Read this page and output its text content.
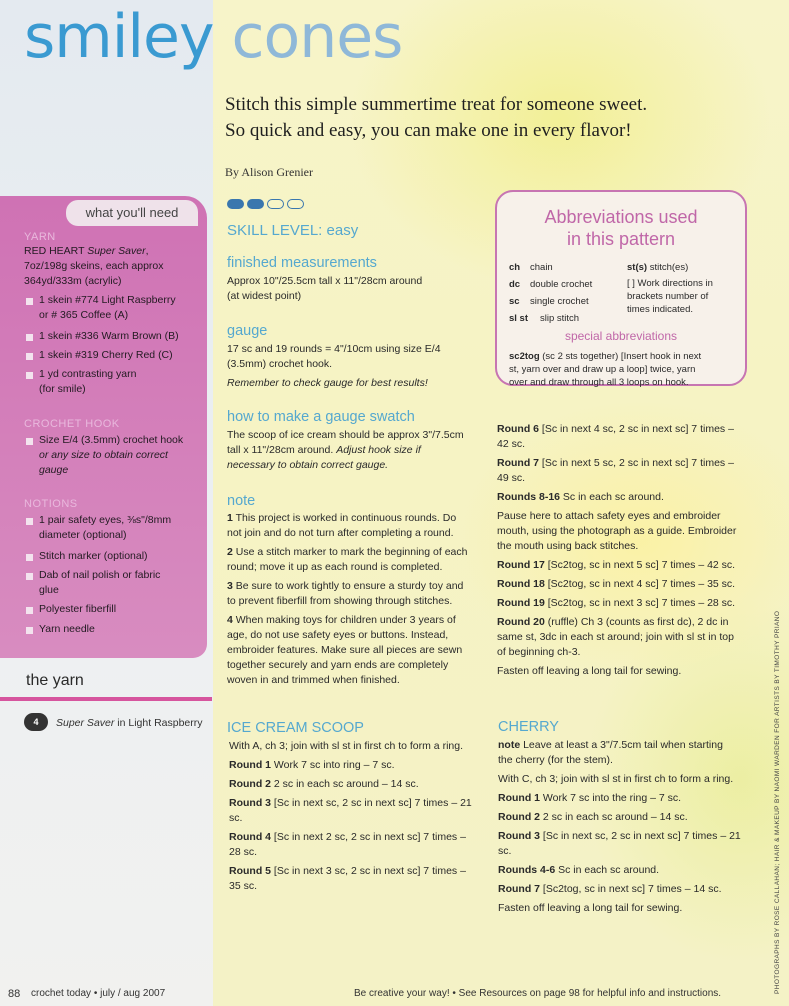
smiley cones
Stitch this simple summertime treat for someone sweet.
So quick and easy, you can make one in every flavor!
By Alison Grenier
what you'll need
YARN
RED HEART Super Saver,
7oz/198g skeins, each approx
364yd/333m (acrylic)
1 skein #774 Light Raspberry
or # 365 Coffee (A)
1 skein #336 Warm Brown (B)
1 skein #319 Cherry Red (C)
1 yd contrasting yarn
(for smile)
CROCHET HOOK
Size E/4 (3.5mm) crochet hook
or any size to obtain correct
gauge
NOTIONS
1 pair safety eyes, ⅜s"/8mm
diameter (optional)
Stitch marker (optional)
Dab of nail polish or fabric
glue
Polyester fiberfill
Yarn needle
the yarn
4	Super Saver in Light Raspberry
SKILL LEVEL: easy
finished measurements
Approx 10"/25.5cm tall x 11"/28cm around
(at widest point)
gauge
17 sc and 19 rounds = 4"/10cm using size E/4
(3.5mm) crochet hook.
Remember to check gauge for best results!
how to make a gauge swatch
The scoop of ice cream should be approx 3"/7.5cm
tall x 11"/28cm around. Adjust hook size if
necessary to obtain correct gauge.
note
1 This project is worked in continuous rounds. Do
not join and do not turn after completing a round.
2 Use a stitch marker to mark the beginning of each
round; move it up as each round is completed.
3 Be sure to work tightly to ensure a sturdy toy and
to prevent fiberfill from showing through stitches.
4 When making toys for children under 3 years of
age, do not use safety eyes or buttons. Instead,
embroider features. Make sure all pieces are sewn
together securely and yarn ends are completely
woven in and trimmed when finished.
ICE CREAM SCOOP
With A, ch 3; join with sl st in first ch to form a ring.
Round 1 Work 7 sc into ring – 7 sc.
Round 2 2 sc in each sc around – 14 sc.
Round 3 [Sc in next sc, 2 sc in next sc] 7 times – 21
sc.
Round 4 [Sc in next 2 sc, 2 sc in next sc] 7 times –
28 sc.
Round 5 [Sc in next 3 sc, 2 sc in next sc] 7 times –
35 sc.
Abbreviations used
in this pattern
ch chain
dc double crochet
sc single crochet
sl st slip stitch
st(s) stitch(es)
[ ] Work directions in
brackets number of
times indicated.
special abbreviations
sc2tog (sc 2 sts together) [Insert hook in next
st, yarn over and draw up a loop] twice, yarn
over and draw through all 3 loops on hook.
Round 6 [Sc in next 4 sc, 2 sc in next sc] 7 times –
42 sc.
Round 7 [Sc in next 5 sc, 2 sc in next sc] 7 times –
49 sc.
Rounds 8-16 Sc in each sc around.
Pause here to attach safety eyes and embroider
mouth, using the photograph as a guide. Embroider
the mouth using back stitches.
Round 17 [Sc2tog, sc in next 5 sc] 7 times – 42 sc.
Round 18 [Sc2tog, sc in next 4 sc] 7 times – 35 sc.
Round 19 [Sc2tog, sc in next 3 sc] 7 times – 28 sc.
Round 20 (ruffle) Ch 3 (counts as first dc), 2 dc in
same st, 3dc in each st around; join with sl st in top
of beginning ch-3.
Fasten off leaving a long tail for sewing.
CHERRY
note Leave at least a 3"/7.5cm tail when starting
the cherry (for the stem).
With C, ch 3; join with sl st in first ch to form a ring.
Round 1 Work 7 sc into the ring – 7 sc.
Round 2 2 sc in each sc around – 14 sc.
Round 3 [Sc in next sc, 2 sc in next sc] 7 times – 21
sc.
Rounds 4-6 Sc in each sc around.
Round 7 [Sc2tog, sc in next sc] 7 times – 14 sc.
Fasten off leaving a long tail for sewing.
88 crochet today • july / aug 2007	Be creative your way! • See Resources on page 98 for helpful info and instructions.	PHOTOGRAPHS BY ROSE CALLAHAN; HAIR & MAKEUP BY NAOMI WARDEN FOR ARTISTS BY TIMOTHY PRIANO
